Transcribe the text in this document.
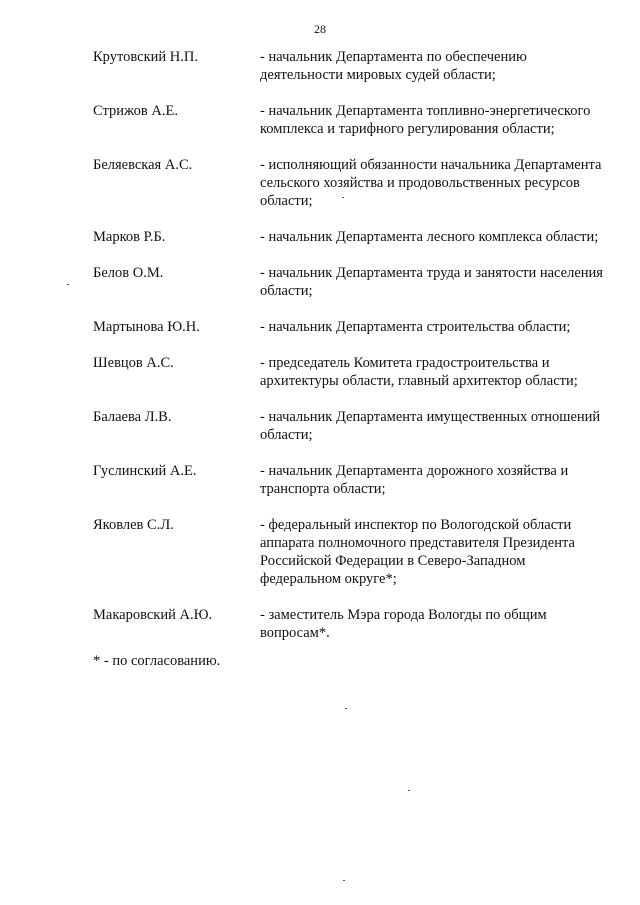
28
Крутовский Н.П.	- начальник Департамента по обеспечению
деятельности мировых судей области;
Стрижов А.Е.	- начальник Департамента топливно-энергетического
комплекса и тарифного регулирования области;
Беляевская А.С.	- исполняющий обязанности начальника Департамента
сельского хозяйства и продовольственных ресурсов
области;
Марков Р.Б.	- начальник Департамента лесного комплекса области;
Белов О.М.	- начальник Департамента труда и занятости населения
области;
Мартынова Ю.Н.	- начальник Департамента строительства области;
Шевцов А.С.	- председатель Комитета градостроительства и
архитектуры области, главный архитектор области;
Балаева Л.В.	- начальник Департамента имущественных отношений
области;
Гуслинский А.Е.	- начальник Департамента дорожного хозяйства и
транспорта области;
Яковлев С.Л.	- федеральный инспектор по Вологодской области
аппарата полномочного представителя Президента
Российской Федерации в Северо-Западном
федеральном округе*;
Макаровский А.Ю.	- заместитель Мэра города Вологды по общим
вопросам*.
* - по согласованию.
